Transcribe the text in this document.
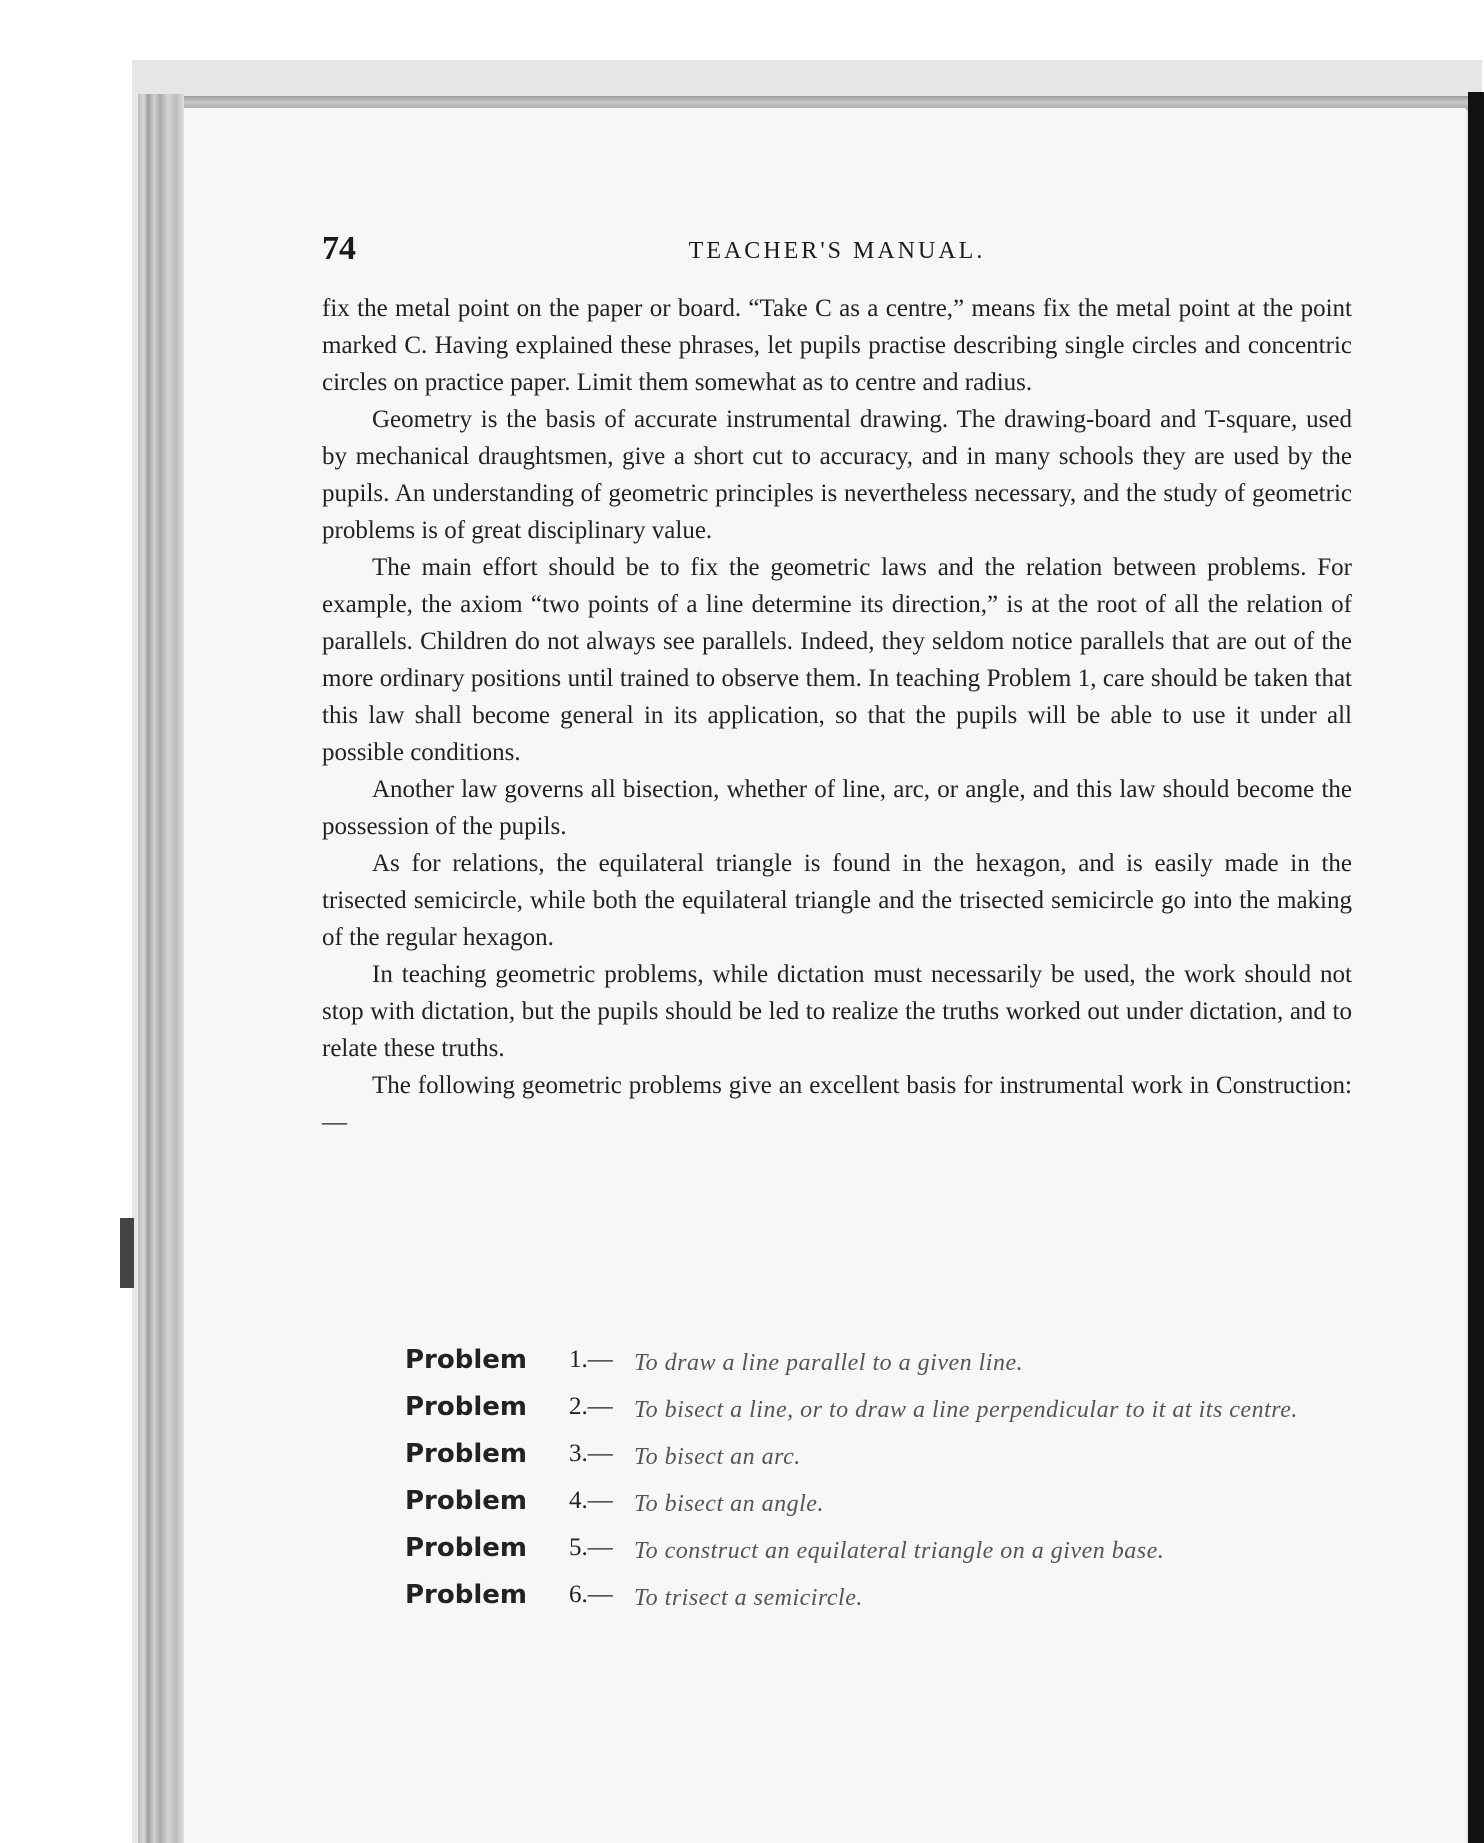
74	TEACHER'S MANUAL.

fix the metal point on the paper or board. “Take C as a centre,” means fix the metal point at the point marked C. Having explained these phrases, let pupils practise describing single circles and concentric circles on practice paper. Limit them somewhat as to centre and radius.

Geometry is the basis of accurate instrumental drawing. The drawing-board and T-square, used by mechanical draughtsmen, give a short cut to accuracy, and in many schools they are used by the pupils. An understanding of geometric principles is nevertheless necessary, and the study of geometric problems is of great disciplinary value.

The main effort should be to fix the geometric laws and the relation between problems. For example, the axiom “two points of a line determine its direction,” is at the root of all the relation of parallels. Children do not always see parallels. Indeed, they seldom notice parallels that are out of the more ordinary positions until trained to observe them. In teaching Problem 1, care should be taken that this law shall become general in its application, so that the pupils will be able to use it under all possible conditions.

Another law governs all bisection, whether of line, arc, or angle, and this law should become the possession of the pupils.

As for relations, the equilateral triangle is found in the hexagon, and is easily made in the trisected semicircle, while both the equilateral triangle and the trisected semicircle go into the making of the regular hexagon.

In teaching geometric problems, while dictation must necessarily be used, the work should not stop with dictation, but the pupils should be led to realize the truths worked out under dictation, and to relate these truths.

The following geometric problems give an excellent basis for instrumental work in Construction:—

Problem	1.— To draw a line parallel to a given line.
Problem	2.— To bisect a line, or to draw a line perpendicular to it at its centre.
Problem	3.— To bisect an arc.
Problem	4.— To bisect an angle.
Problem	5.— To construct an equilateral triangle on a given base.
Problem	6.— To trisect a semicircle.
